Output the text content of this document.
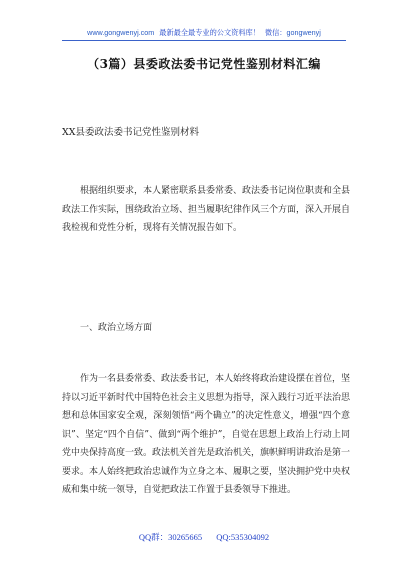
www.gongwenyj.com 最新最全最专业的公文资料库！ 微信：gongwenyj
（3篇）县委政法委书记党性鉴别材料汇编
XX县委政法委书记党性鉴别材料

根据组织要求，本人紧密联系县委常委、政法委书记岗位职责和全县政法工作实际，围绕政治立场、担当履职纪律作风三个方面，深入开展自我检视和党性分析，现将有关情况报告如下。

一、政治立场方面

作为一名县委常委、政法委书记，本人始终将政治建设摆在首位，坚持以习近平新时代中国特色社会主义思想为指导，深入践行习近平法治思想和总体国家安全观，深刻领悟“两个确立”的决定性意义，增强“四个意识”、坚定“四个自信”、做到“两个维护”，自觉在思想上政治上行动上同党中央保持高度一致。政法机关首先是政治机关，旗帜鲜明讲政治是第一要求。本人始终把政治忠诚作为立身之本、履职之要，坚决拥护党中央权威和集中统一领导，自觉把政法工作置于县委领导下推进。

QQ群：30265665 QQ:535304092
